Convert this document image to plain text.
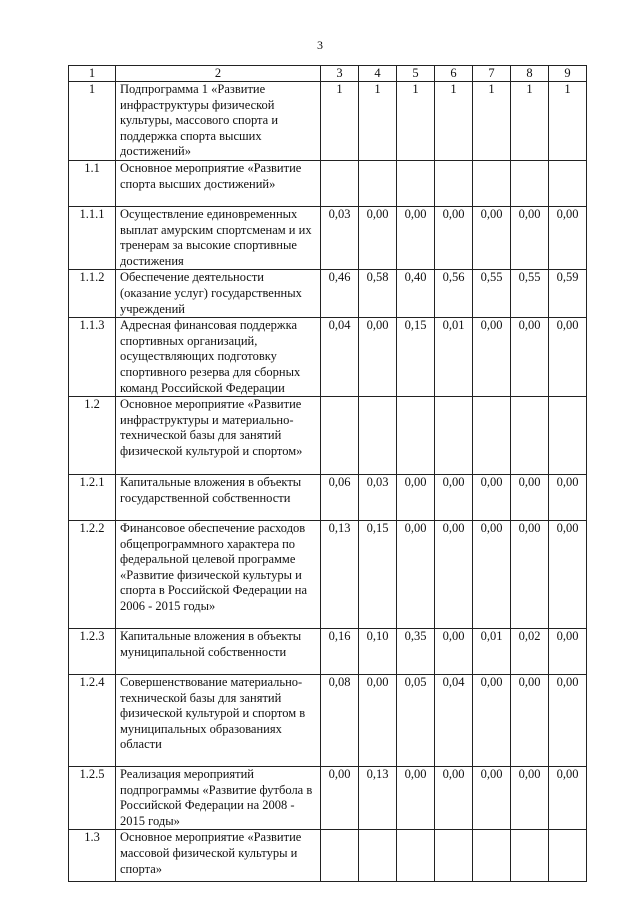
3
1	2	3	4	5	6	7	8	9
1	Подпрограмма 1 «Развитие инфраструктуры физической культуры, массового спорта и поддержка спорта высших достижений»	1	1	1	1	1	1	1
1.1	Основное мероприятие «Развитие спорта высших достижений»							
1.1.1	Осуществление единовременных выплат амурским спортсменам и их тренерам за высокие спортивные достижения	0,03	0,00	0,00	0,00	0,00	0,00	0,00
1.1.2	Обеспечение деятельности (оказание услуг) государственных учреждений	0,46	0,58	0,40	0,56	0,55	0,55	0,59
1.1.3	Адресная финансовая поддержка спортивных организаций, осуществляющих подготовку спортивного резерва для сборных команд Российской Федерации	0,04	0,00	0,15	0,01	0,00	0,00	0,00
1.2	Основное мероприятие «Развитие инфраструктуры и материально-технической базы для занятий физической культурой и спортом»							
1.2.1	Капитальные вложения в объекты государственной собственности	0,06	0,03	0,00	0,00	0,00	0,00	0,00
1.2.2	Финансовое обеспечение расходов общепрограммного характера по федеральной целевой программе «Развитие физической культуры и спорта в Российской Федерации на 2006 - 2015 годы»	0,13	0,15	0,00	0,00	0,00	0,00	0,00
1.2.3	Капитальные вложения в объекты муниципальной собственности	0,16	0,10	0,35	0,00	0,01	0,02	0,00
1.2.4	Совершенствование материально-технической базы для занятий физической культурой и спортом в муниципальных образованиях области	0,08	0,00	0,05	0,04	0,00	0,00	0,00
1.2.5	Реализация мероприятий подпрограммы «Развитие футбола в Российской Федерации на 2008 - 2015 годы»	0,00	0,13	0,00	0,00	0,00	0,00	0,00
1.3	Основное мероприятие «Развитие массовой физической культуры и спорта»							
